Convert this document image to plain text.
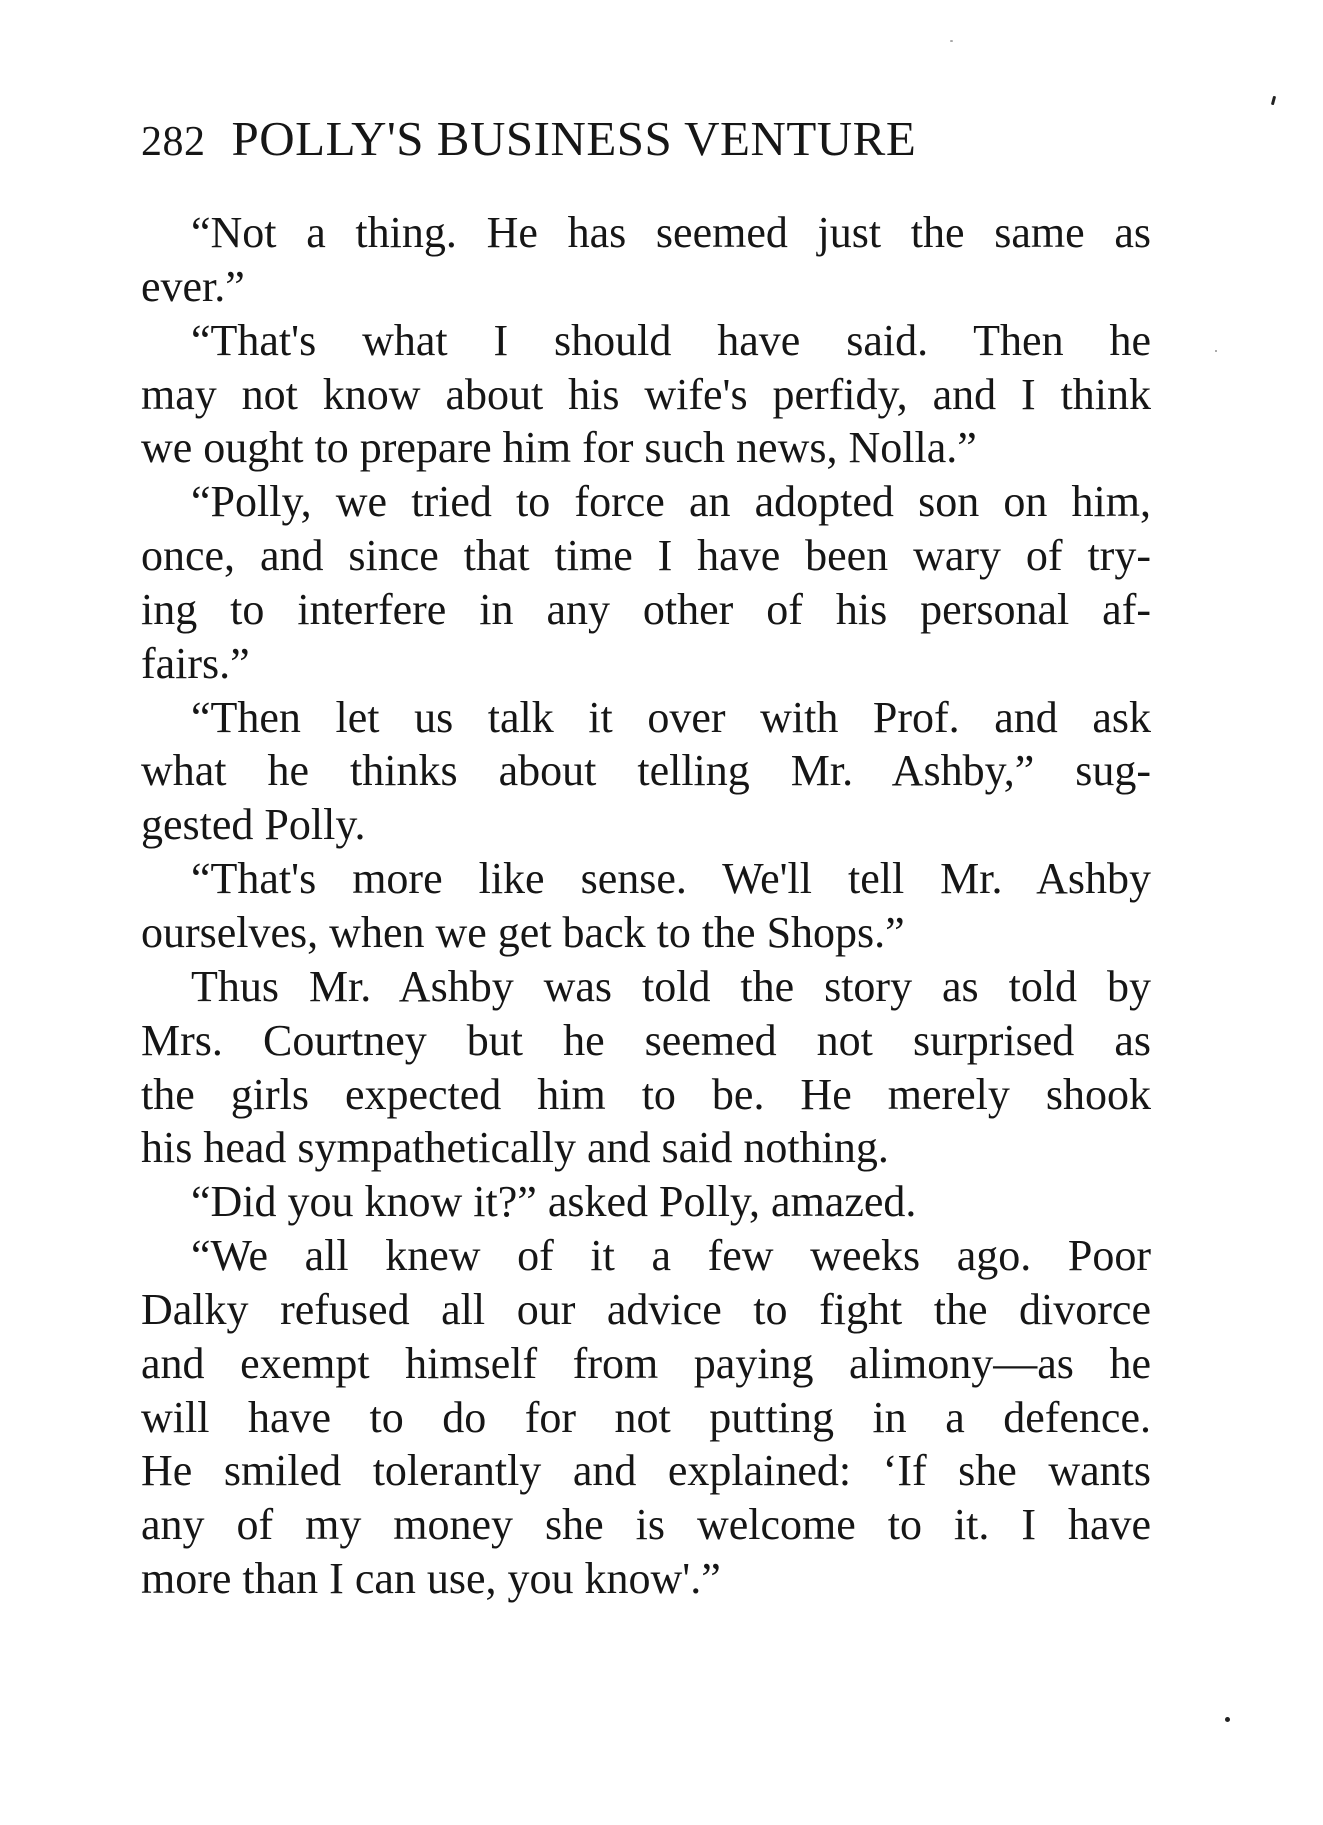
282 POLLY'S BUSINESS VENTURE
“Not a thing. He has seemed just the same as
ever.”
“That's what I should have said. Then he
may not know about his wife's perfidy, and I think
we ought to prepare him for such news, Nolla.”
“Polly, we tried to force an adopted son on him,
once, and since that time I have been wary of try-
ing to interfere in any other of his personal af-
fairs.”
“Then let us talk it over with Prof. and ask
what he thinks about telling Mr. Ashby,” sug-
gested Polly.
“That's more like sense. We'll tell Mr. Ashby
ourselves, when we get back to the Shops.”
Thus Mr. Ashby was told the story as told by
Mrs. Courtney but he seemed not surprised as
the girls expected him to be. He merely shook
his head sympathetically and said nothing.
“Did you know it?” asked Polly, amazed.
“We all knew of it a few weeks ago. Poor
Dalky refused all our advice to fight the divorce
and exempt himself from paying alimony—as he
will have to do for not putting in a defence.
He smiled tolerantly and explained: ‘If she wants
any of my money she is welcome to it. I have
more than I can use, you know'.”
